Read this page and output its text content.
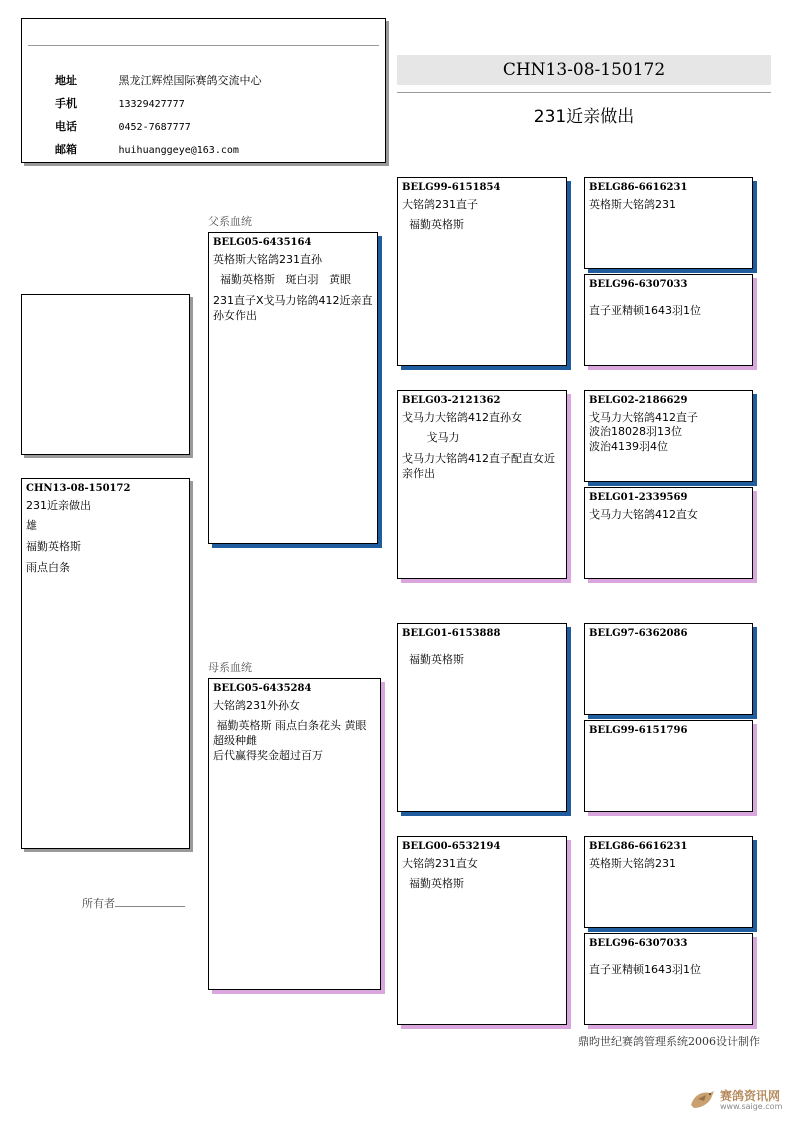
地址	黑龙江辉煌国际赛鸽交流中心
手机	13329427777
电话	0452-7687777
邮箱	huihuanggeye@163.com
CHN13-08-150172
231近亲做出
CHN13-08-150172
231近亲做出
雄
福勤英格斯
雨点白条
父系血统
母系血统
BELG05-6435164
英格斯大铭鸽231直孙
福勤英格斯   斑白羽   黄眼
231直子X戈马力铭鸽412近亲直孙女作出
BELG05-6435284
大铭鸽231外孙女
福勤英格斯 雨点白条花头 黄眼
超级种雌
后代赢得奖金超过百万
BELG99-6151854
大铭鸽231直子
福勤英格斯
BELG03-2121362
戈马力大铭鸽412直孙女
戈马力
戈马力大铭鸽412直子配直女近亲作出
BELG01-6153888
福勤英格斯
BELG00-6532194
大铭鸽231直女
福勤英格斯
BELG86-6616231
英格斯大铭鸽231
BELG96-6307033
直子亚精顿1643羽1位
BELG02-2186629
戈马力大铭鸽412直子
波治18028羽13位
波治4139羽4位
BELG01-2339569
戈马力大铭鸽412直女
BELG97-6362086
BELG99-6151796
BELG86-6616231
英格斯大铭鸽231
BELG96-6307033
直子亚精顿1643羽1位
所有者
鼎昀世纪赛鸽管理系统2006设计制作
赛鸽资讯网
www.saige.com
